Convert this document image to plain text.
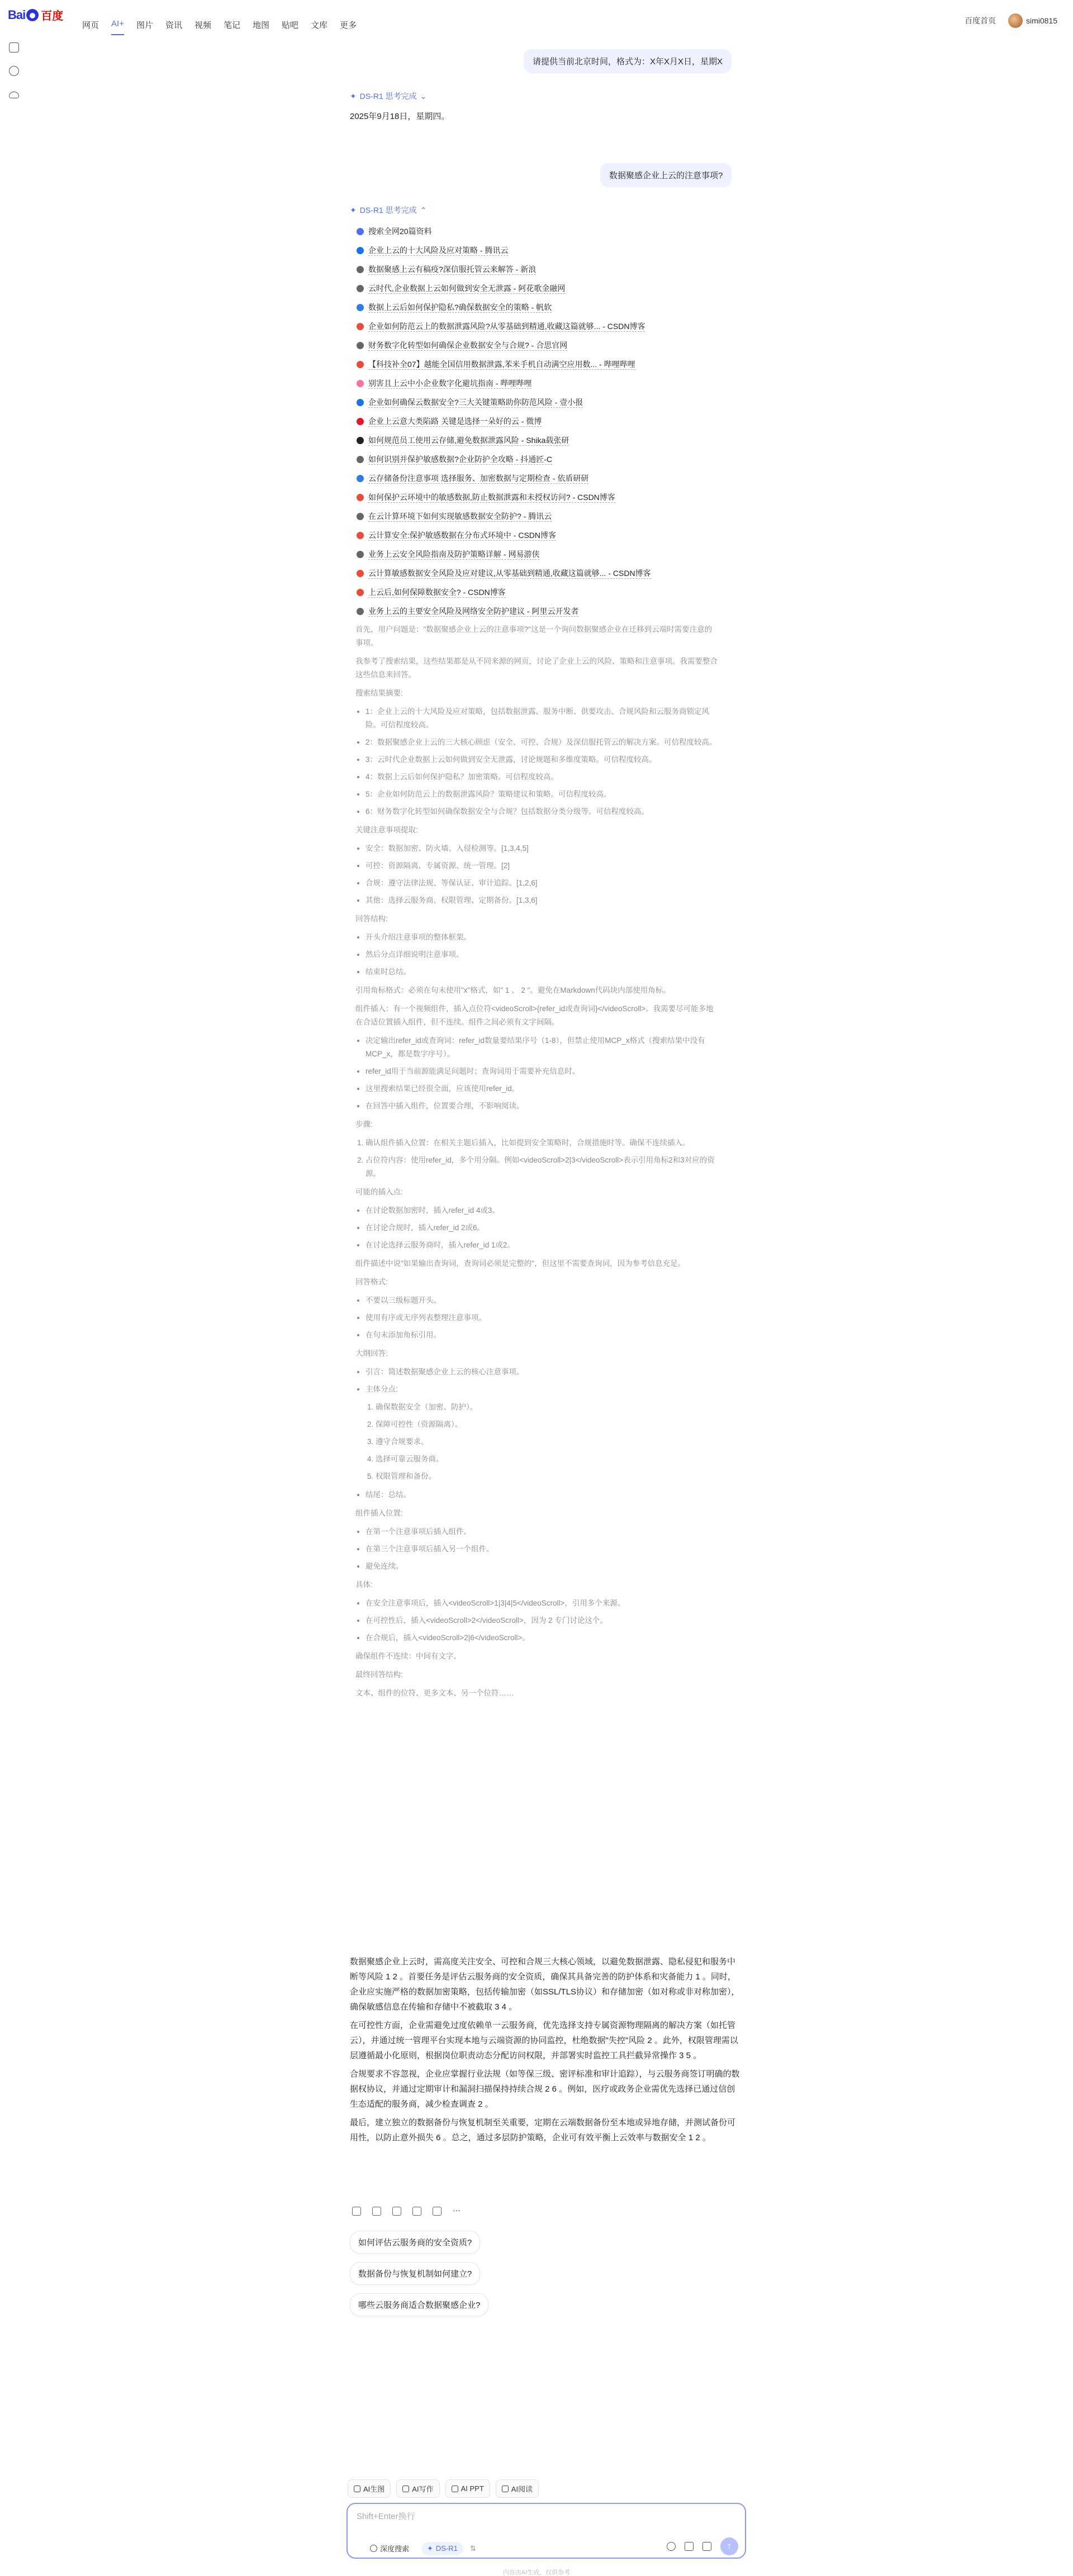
Bai 百度
网页 AI+ 图片 资讯 视频 笔记 地图 贴吧 文库 更多	百度首页	simi0815
请提供当前北京时间，格式为：X年X月X日，星期X
✦ DS-R1 思考完成 ⌄
2025年9月18日，星期四。
数据聚感企业上云的注意事项?
✦ DS-R1 思考完成 ⌃
搜索全网20篇资料
企业上云的十大风险及应对策略 - 腾讯云
数据聚感上云有稿疫?深信服托管云来解答 - 新浪
云时代,企业数据上云如何做到安全无泄露 - 阿花歌金融网
数据上云后如何保护隐私?确保数据安全的策略 - 帆软
企业如何防范云上的数据泄露风险?从零基础到精通,收藏这篇就够... - CSDN博客
财务数字化转型如何确保企业数据安全与合规? - 合思官网
【科技补全07】越能全国信用数据泄露,苯米手机自动满空应用数... - 哔哩哔哩
别害且上云中小企业数字化避坑指南 - 哔哩哔哩
企业如何确保云数据安全?三大关键策略助你防范风险 - 壹小报
企业上云意大类陷路 关键是选择一朵好的云 - 微博
如何规范员工使用云存储,避免数据泄露风险 - Shika载张研
如何识别并保护敏感数据?企业防护全攻略 - 抖通匠-C
云存储备份注意事项 选择服务、加密数据与定期检查 - 依盾研研
如何保护云环境中的敏感数据,防止数据泄露和未授权访问? - CSDN博客
在云计算环境下如何实现敏感数据安全防护? - 腾讯云
云计算安全:保护敏感数据在分布式环境中 - CSDN博客
业务上云安全风险指南及防护策略详解 - 网易游侠
云计算敏感数据安全风险及应对建议,从零基础到精通,收藏这篇就够... - CSDN博客
上云后,如何保障数据安全? - CSDN博客
业务上云的主要安全风险及网络安全防护建议 - 阿里云开发者

首先，用户问题是："数据聚感企业上云的注意事项?"这是一个询问数据聚感企业在迁移到云端时需要注意的事项。

我参考了搜索结果，这些结果都是从不同来源的网页，讨论了企业上云的风险、策略和注意事项。我需要整合这些信息来回答。

搜索结果摘要:

• 1：企业上云的十大风险及应对策略，包括数据泄露、服务中断、供要攻击、合规风险和云服务商锁定风险。可信程度较高。
• 2：数据聚感企业上云的三大核心顾虑（安全、可控、合规）及深信服托管云的解决方案。可信程度较高。
• 3：云时代企业数据上云如何做到安全无泄露，讨论规题和多维度策略。可信程度较高。
• 4：数据上云后如何保护隐私？加密策略。可信程度较高。
• 5：企业如何防范云上的数据泄露风险？策略建议和策略。可信程度较高。
• 6：财务数字化转型如何确保数据安全与合规？包括数据分类分级等。可信程度较高。

关键注意事项提取:

• 安全：数据加密、防火墙、入侵检测等。[1,3,4,5]
• 可控：资源隔离、专属资源、统一管理。[2]
• 合规：遵守法律法规、等保认证、审计追踪。[1,2,6]
• 其他：选择云服务商、权限管理、定期备份。[1,3,6]

回答结构:

• 开头介绍注意事项的整体框架。
• 然后分点详细说明注意事项。
• 结束时总结。

引用角标格式：必须在句末使用"x"格式，如" 1 、 2 "。避免在Markdown代码块内部使用角标。

组件插入：有一个视频组件，插入点位符<videoScroll>{refer_id或查询词}</videoScroll>。我需要尽可能多地在合适位置插入组件，但不连续。组件之间必须有文字间隔。

• 决定输出refer_id或查询词：refer_id数量要结果序号（1-8），但禁止使用MCP_x格式（搜索结果中没有MCP_x，都是数字序号）。
• refer_id用于当前源能满足问题时；查询词用于需要补充信息时。
• 这里搜索结果已经很全面，应该使用refer_id。
• 在回答中插入组件，位置要合理，不影响阅读。

步骤:

1. 确认组件插入位置：在相关主题后插入，比如提到安全策略时，合规措施时等。确保不连续插入。
2. 占位符内容：使用refer_id，多个用分隔。例如<videoScroll>2|3</videoScroll>表示引用角标2和3对应的资源。

可能的插入点:

• 在讨论数据加密时，插入refer_id 4或3。
• 在讨论合规时，插入refer_id 2或6。
• 在讨论选择云服务商时，插入refer_id 1或2。

组件描述中说"如果输出查询词，查询词必须是完整的"，但这里不需要查询词，因为参考信息充足。

回答格式:

• 不要以三级标题开头。
• 使用有序或无序列表整理注意事项。
• 在句末添加角标引用。

大纲回答:

• 引言：简述数据聚感企业上云的核心注意事项。
• 主体分点:
1. 确保数据安全（加密、防护）。
2. 保障可控性（资源隔离）。
3. 遵守合规要求。
4. 选择可靠云服务商。
5. 权限管理和备份。
• 结尾：总结。

组件插入位置:

• 在第一个注意事项后插入组件。
• 在第三个注意事项后插入另一个组件。
• 避免连续。

具体:

• 在安全注意事项后，插入<videoScroll>1|3|4|5</videoScroll>，引用多个来源。
• 在可控性后，插入<videoScroll>2</videoScroll>，因为 2 专门讨论这个。
• 在合规后，插入<videoScroll>2|6</videoScroll>。

确保组件不连续：中间有文字。

最终回答结构:

文本、组件的位符、更多文本、另一个位符……

数据聚感企业上云时，需高度关注安全、可控和合规三大核心领域，以避免数据泄露、隐私侵犯和服务中断等风险 1 2 。首要任务是评估云服务商的安全资质，确保其具备完善的防护体系和灾备能力 1 。同时，企业应实施严格的数据加密策略，包括传输加密（如SSL/TLS协议）和存储加密（如对称或非对称加密），确保敏感信息在传输和存储中不被截取 3 4 。

在可控性方面，企业需避免过度依赖单一云服务商，优先选择支持专属资源物理隔离的解决方案（如托管云），并通过统一管理平台实现本地与云端资源的协同监控，杜绝数据"失控"风险 2 。此外，权限管理需以层遵循最小化原则，根据岗位职责动态分配访问权限，并部署实时监控工具拦截异常操作 3 5 。

合规要求不容忽视，企业应掌握行业法规（如等保三级、密评标准和审计追踪），与云服务商签订明确的数据权协议，并通过定期审计和漏洞扫描保持持续合规 2 6 。例如，医疗或政务企业需优先选择已通过信创生态适配的服务商，减少检查调查 2 。

最后，建立独立的数据备份与恢复机制至关重要，定期在云端数据备份至本地或异地存储，并测试备份可用性，以防止意外损失 6 。总之，通过多层防护策略，企业可有效平衡上云效率与数据安全 1 2 。

···
如何评估云服务商的安全资质?
数据备份与恢复机制如何建立?
哪些云服务商适合数据聚感企业?
AI生图	AI写作	AI PPT	AI阅读
Shift+Enter换行
深度搜索 ✦ DS-R1 ⇅	↑
内容由AI生成，仅供参考
